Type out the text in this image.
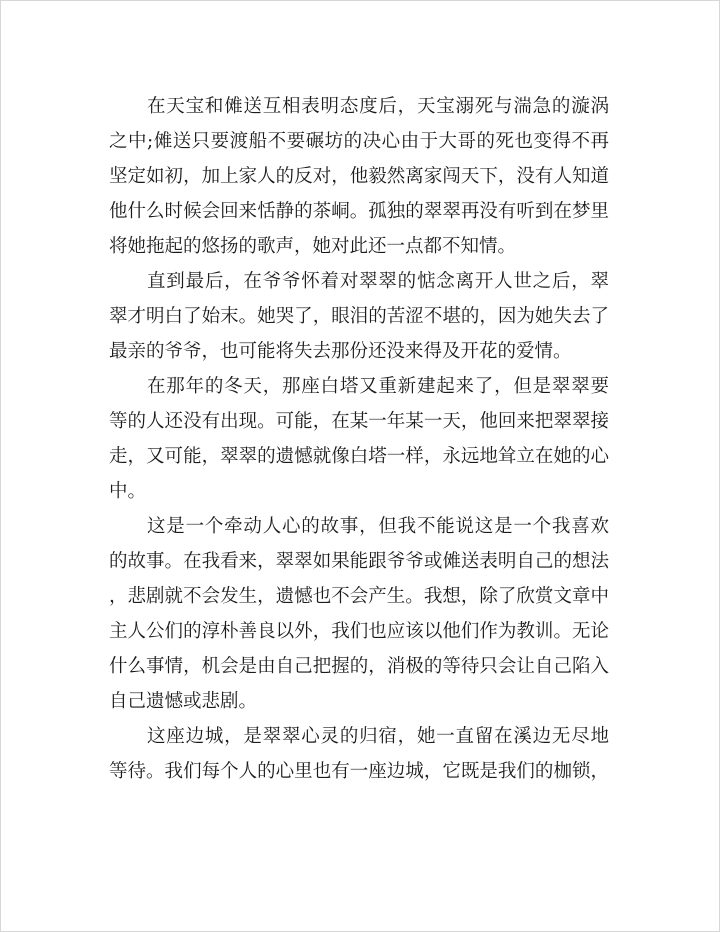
在天宝和傩送互相表明态度后，天宝溺死与湍急的漩涡
之中;傩送只要渡船不要碾坊的决心由于大哥的死也变得不再
坚定如初，加上家人的反对，他毅然离家闯天下，没有人知道
他什么时候会回来恬静的茶峒。孤独的翠翠再没有听到在梦里
将她拖起的悠扬的歌声，她对此还一点都不知情。
直到最后，在爷爷怀着对翠翠的惦念离开人世之后，翠
翠才明白了始末。她哭了，眼泪的苦涩不堪的，因为她失去了
最亲的爷爷，也可能将失去那份还没来得及开花的爱情。
在那年的冬天，那座白塔又重新建起来了，但是翠翠要
等的人还没有出现。可能，在某一年某一天，他回来把翠翠接
走，又可能，翠翠的遗憾就像白塔一样，永远地耸立在她的心
中。
这是一个牵动人心的故事，但我不能说这是一个我喜欢
的故事。在我看来，翠翠如果能跟爷爷或傩送表明自己的想法
，悲剧就不会发生，遗憾也不会产生。我想，除了欣赏文章中
主人公们的淳朴善良以外，我们也应该以他们作为教训。无论
什么事情，机会是由自己把握的，消极的等待只会让自己陷入
自己遗憾或悲剧。
这座边城，是翠翠心灵的归宿，她一直留在溪边无尽地
等待。我们每个人的心里也有一座边城，它既是我们的枷锁，
